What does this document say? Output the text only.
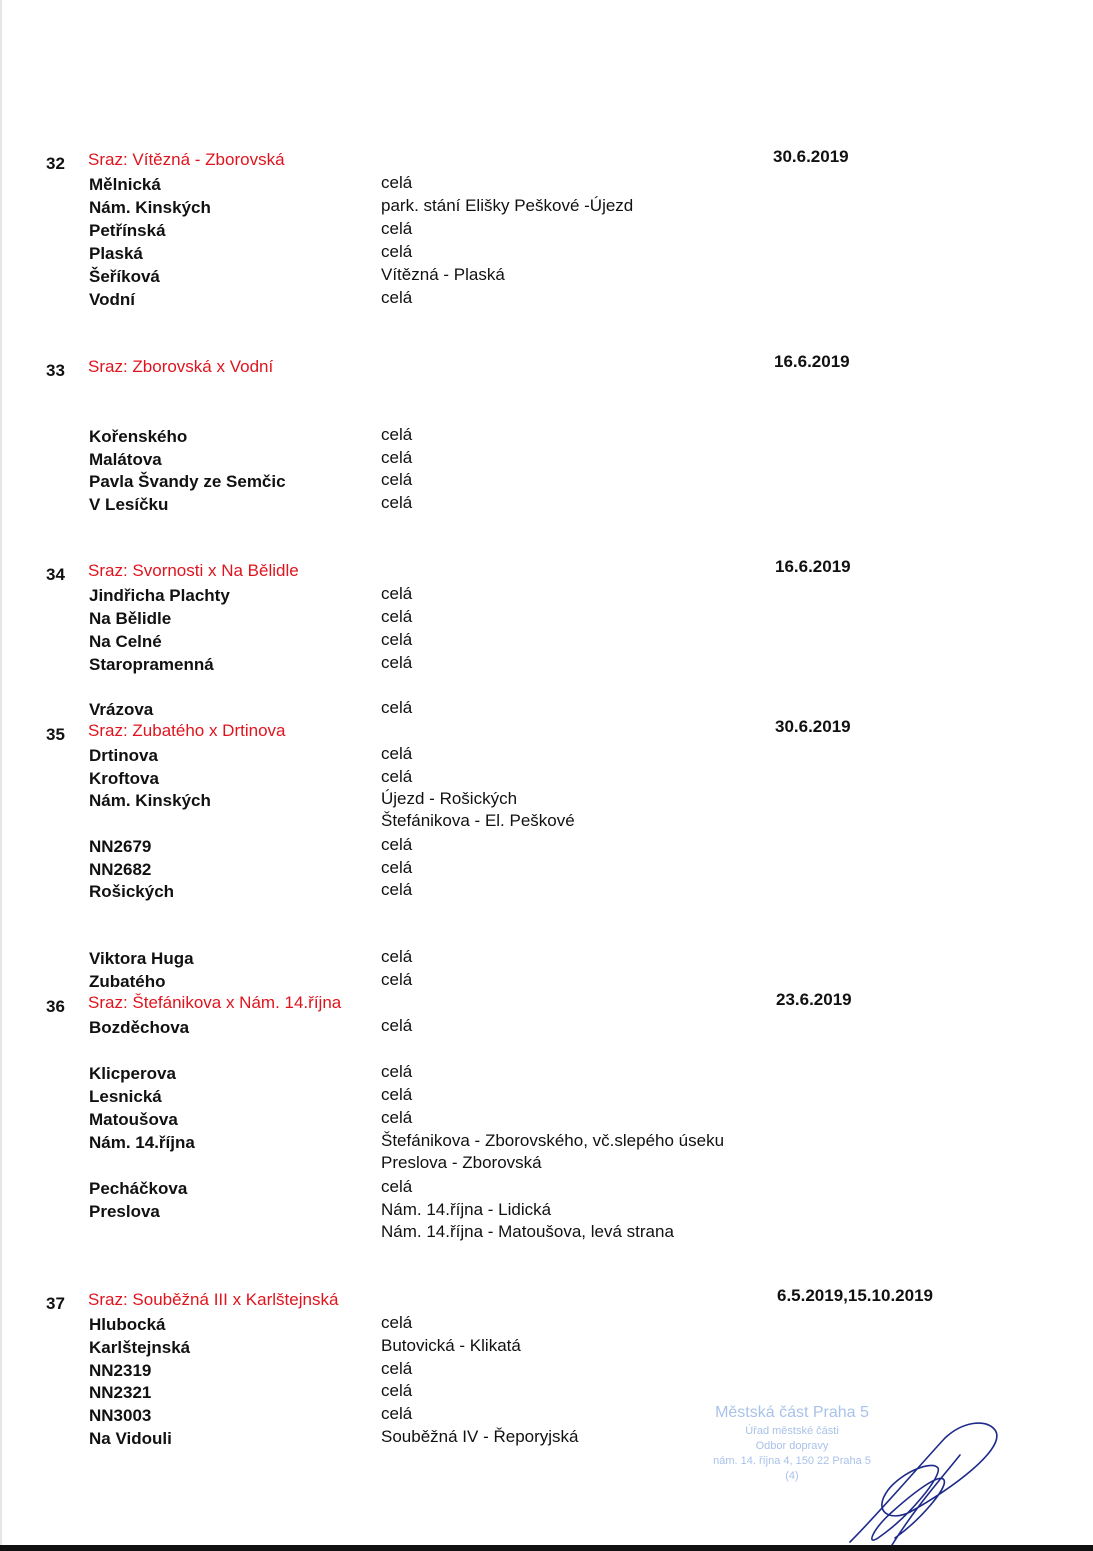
32 Sraz: Vítězná - Zborovská	30.6.2019
Mělnická	celá
Nám. Kinských	park. stání Elišky Peškové -Újezd
Petřínská	celá
Plaská	celá
Šeříková	Vítězná - Plaská
Vodní	celá
33 Sraz: Zborovská x Vodní	16.6.2019
Kořenského	celá
Malátova	celá
Pavla Švandy ze Semčic	celá
V Lesíčku	celá
34 Sraz: Svornosti x Na Bělidle	16.6.2019
Jindřicha Plachty	celá
Na Bělidle	celá
Na Celné	celá
Staropramenná	celá
Vrázova	celá
35 Sraz: Zubatého x Drtinova	30.6.2019
Drtinova	celá
Kroftova	celá
Nám. Kinských	Újezd - Rošických
Štefánikova - El. Peškové
NN2679	celá
NN2682	celá
Rošických	celá
Viktora Huga	celá
Zubatého	celá
36 Sraz: Štefánikova x Nám. 14.října	23.6.2019
Bozděchova	celá
Klicperova	celá
Lesnická	celá
Matoušova	celá
Nám. 14.října	Štefánikova - Zborovského, vč.slepého úseku
Preslova - Zborovská
Pecháčkova	celá
Preslova	Nám. 14.října - Lidická
Nám. 14.října - Matoušova, levá strana
37 Sraz: Souběžná III x Karlštejnská	6.5.2019,15.10.2019
Hlubocká	celá
Karlštejnská	Butovická - Klikatá
NN2319	celá
NN2321	celá
NN3003	celá
Na Vidouli	Souběžná IV - Řeporyjská
Městská část Praha 5
Úřad městské části
Odbor dopravy
nám. 14. října 4, 150 22 Praha 5
(4)
